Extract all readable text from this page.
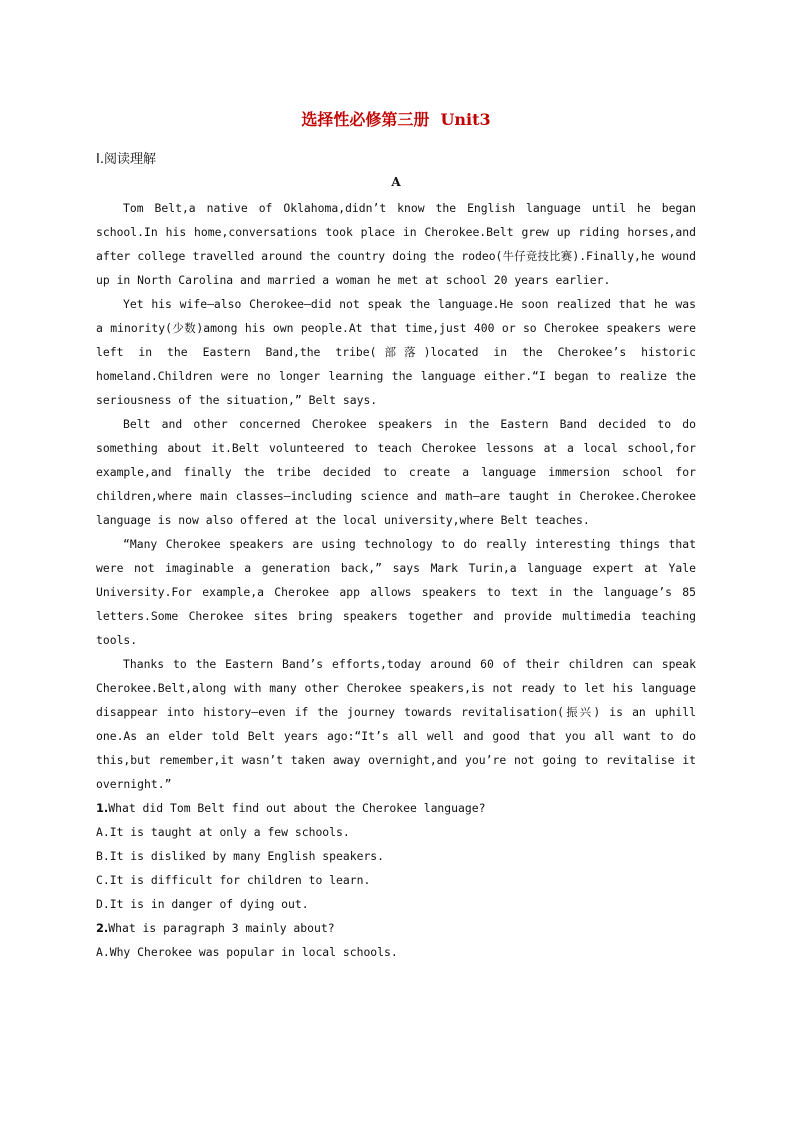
选择性必修第三册  Unit3
Ⅰ.阅读理解
A

Tom Belt,a native of Oklahoma,didn’t know the English language until he began school.In his home,conversations took place in Cherokee.Belt grew up riding horses,and after college travelled around the country doing the rodeo(牛仔竞技比赛).Finally,he wound up in North Carolina and married a woman he met at school 20 years earlier.

Yet his wife—also Cherokee—did not speak the language.He soon realized that he was a minority(少数)among his own people.At that time,just 400 or so Cherokee speakers were left in the Eastern Band,the tribe(部落)located in the Cherokee’s historic homeland.Children were no longer learning the language either.“I began to realize the seriousness of the situation,” Belt says.

Belt and other concerned Cherokee speakers in the Eastern Band decided to do something about it.Belt volunteered to teach Cherokee lessons at a local school,for example,and finally the tribe decided to create a language immersion school for children,where main classes—including science and math—are taught in Cherokee.Cherokee language is now also offered at the local university,where Belt teaches.

“Many Cherokee speakers are using technology to do really interesting things that were not imaginable a generation back,” says Mark Turin,a language expert at Yale University.For example,a Cherokee app allows speakers to text in the language’s 85 letters.Some Cherokee sites bring speakers together and provide multimedia teaching tools.

Thanks to the Eastern Band’s efforts,today around 60 of their children can speak Cherokee.Belt,along with many other Cherokee speakers,is not ready to let his language disappear into history—even if the journey towards revitalisation(振兴) is an uphill one.As an elder told Belt years ago:“It’s all well and good that you all want to do this,but remember,it wasn’t taken away overnight,and you’re not going to revitalise it overnight.”

1.What did Tom Belt find out about the Cherokee language?
A.It is taught at only a few schools.
B.It is disliked by many English speakers.
C.It is difficult for children to learn.
D.It is in danger of dying out.
2.What is paragraph 3 mainly about?
A.Why Cherokee was popular in local schools.
